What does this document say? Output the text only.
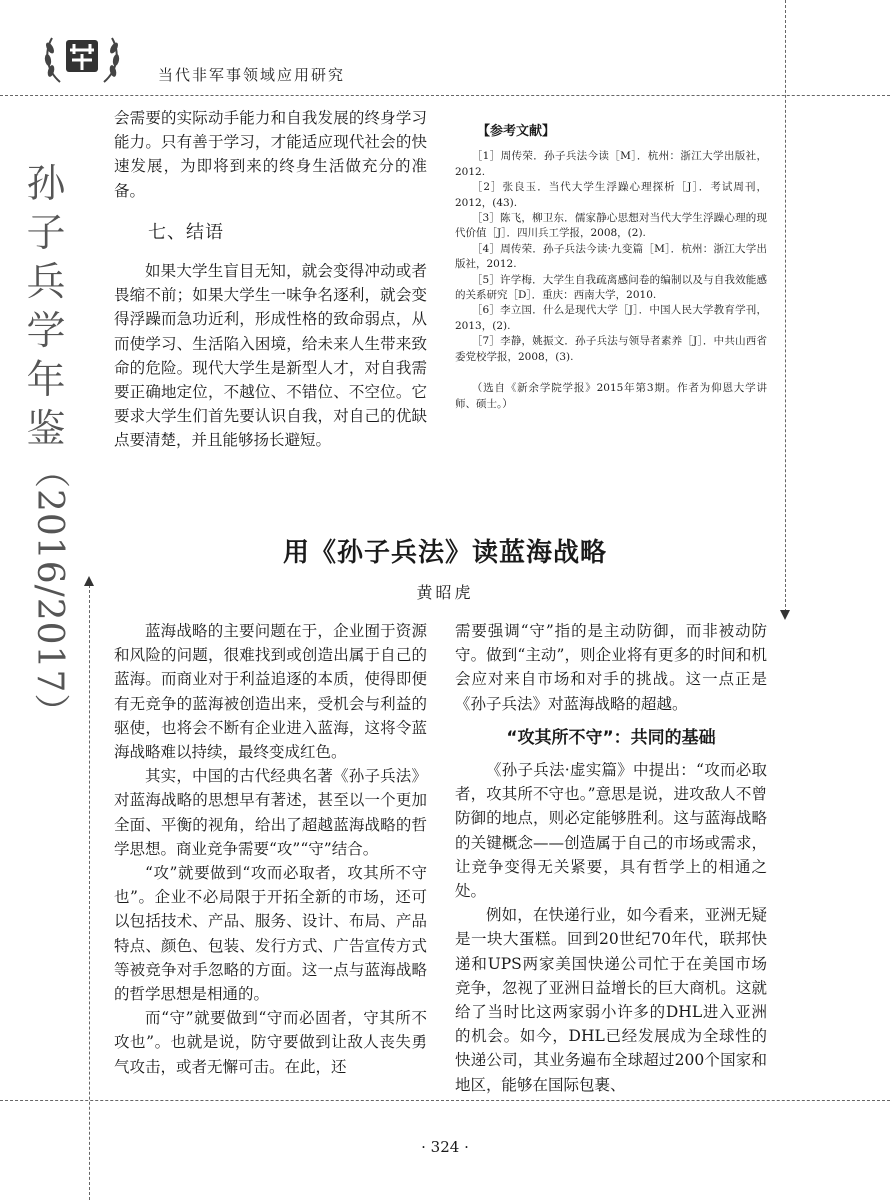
当代非军事领域应用研究
孙
子
兵
学
年
鉴
（2016/2017）

会需要的实际动手能力和自我发展的终身学习能力。只有善于学习，才能适应现代社会的快速发展，为即将到来的终身生活做充分的准备。

七、结语

如果大学生盲目无知，就会变得冲动或者畏缩不前；如果大学生一味争名逐利，就会变得浮躁而急功近利，形成性格的致命弱点，从而使学习、生活陷入困境，给未来人生带来致命的危险。现代大学生是新型人才，对自我需要正确地定位，不越位、不错位、不空位。它要求大学生们首先要认识自我，对自己的优缺点要清楚，并且能够扬长避短。

【参考文献】

［1］周传荣．孙子兵法今读［M］．杭州：浙江大学出版社，2012.

［2］张良玉．当代大学生浮躁心理探析［J］．考试周刊，2012，(43).

［3］陈飞，柳卫东．儒家静心思想对当代大学生浮躁心理的现代价值［J］．四川兵工学报，2008，(2).

［4］周传荣．孙子兵法今读·九变篇［M］．杭州：浙江大学出版社，2012.

［5］许学梅．大学生自我疏离感问卷的编制以及与自我效能感的关系研究［D］．重庆：西南大学，2010.

［6］李立国．什么是现代大学［J］．中国人民大学教育学刊，2013，(2).

［7］李静，姚振文．孙子兵法与领导者素养［J］．中共山西省委党校学报，2008，(3).

（选自《新余学院学报》2015年第3期。作者为仰恩大学讲师、硕士。）

用《孙子兵法》读蓝海战略
黄昭虎

蓝海战略的主要问题在于，企业囿于资源和风险的问题，很难找到或创造出属于自己的蓝海。而商业对于利益追逐的本质，使得即便有无竞争的蓝海被创造出来，受机会与利益的驱使，也将会不断有企业进入蓝海，这将令蓝海战略难以持续，最终变成红色。

其实，中国的古代经典名著《孙子兵法》对蓝海战略的思想早有著述，甚至以一个更加全面、平衡的视角，给出了超越蓝海战略的哲学思想。商业竞争需要“攻”“守”结合。

“攻”就要做到“攻而必取者，攻其所不守也”。企业不必局限于开拓全新的市场，还可以包括技术、产品、服务、设计、布局、产品特点、颜色、包装、发行方式、广告宣传方式等被竞争对手忽略的方面。这一点与蓝海战略的哲学思想是相通的。

而“守”就要做到“守而必固者，守其所不攻也”。也就是说，防守要做到让敌人丧失勇气攻击，或者无懈可击。在此，还

需要强调“守”指的是主动防御，而非被动防守。做到“主动”，则企业将有更多的时间和机会应对来自市场和对手的挑战。这一点正是《孙子兵法》对蓝海战略的超越。

“攻其所不守”：共同的基础

《孙子兵法·虚实篇》中提出：“攻而必取者，攻其所不守也。”意思是说，进攻敌人不曾防御的地点，则必定能够胜利。这与蓝海战略的关键概念——创造属于自己的市场或需求，让竞争变得无关紧要，具有哲学上的相通之处。

例如，在快递行业，如今看来，亚洲无疑是一块大蛋糕。回到20世纪70年代，联邦快递和UPS两家美国快递公司忙于在美国市场竞争，忽视了亚洲日益增长的巨大商机。这就给了当时比这两家弱小许多的DHL进入亚洲的机会。如今，DHL已经发展成为全球性的快递公司，其业务遍布全球超过200个国家和地区，能够在国际包裹、

· 324 ·
